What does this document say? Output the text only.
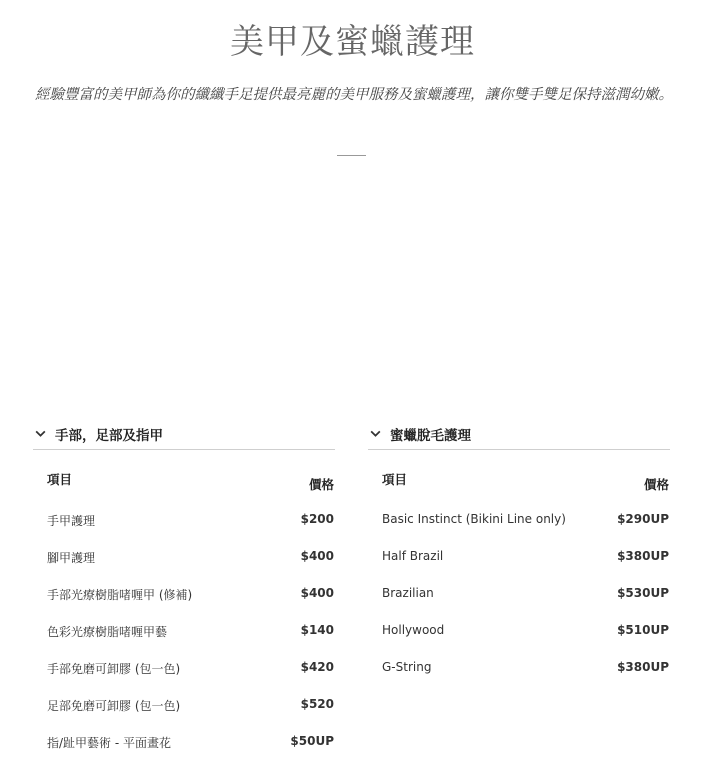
美甲及蜜蠟護理

經驗豐富的美甲師為你的纖纖手足提供最亮麗的美甲服務及蜜蠟護理，讓你雙手雙足保持滋潤幼嫩。

手部，足部及指甲
項目	價格
手甲護理	$200
腳甲護理	$400
手部光療樹脂啫喱甲 (修補)	$400
色彩光療樹脂啫喱甲藝	$140
手部免磨可卸膠 (包一色)	$420
足部免磨可卸膠 (包一色)	$520
指/趾甲藝術 - 平面畫花	$50UP
蜜蠟脫毛護理
項目	價格
Basic Instinct (Bikini Line only)	$290UP
Half Brazil	$380UP
Brazilian	$530UP
Hollywood	$510UP
G-String	$380UP
